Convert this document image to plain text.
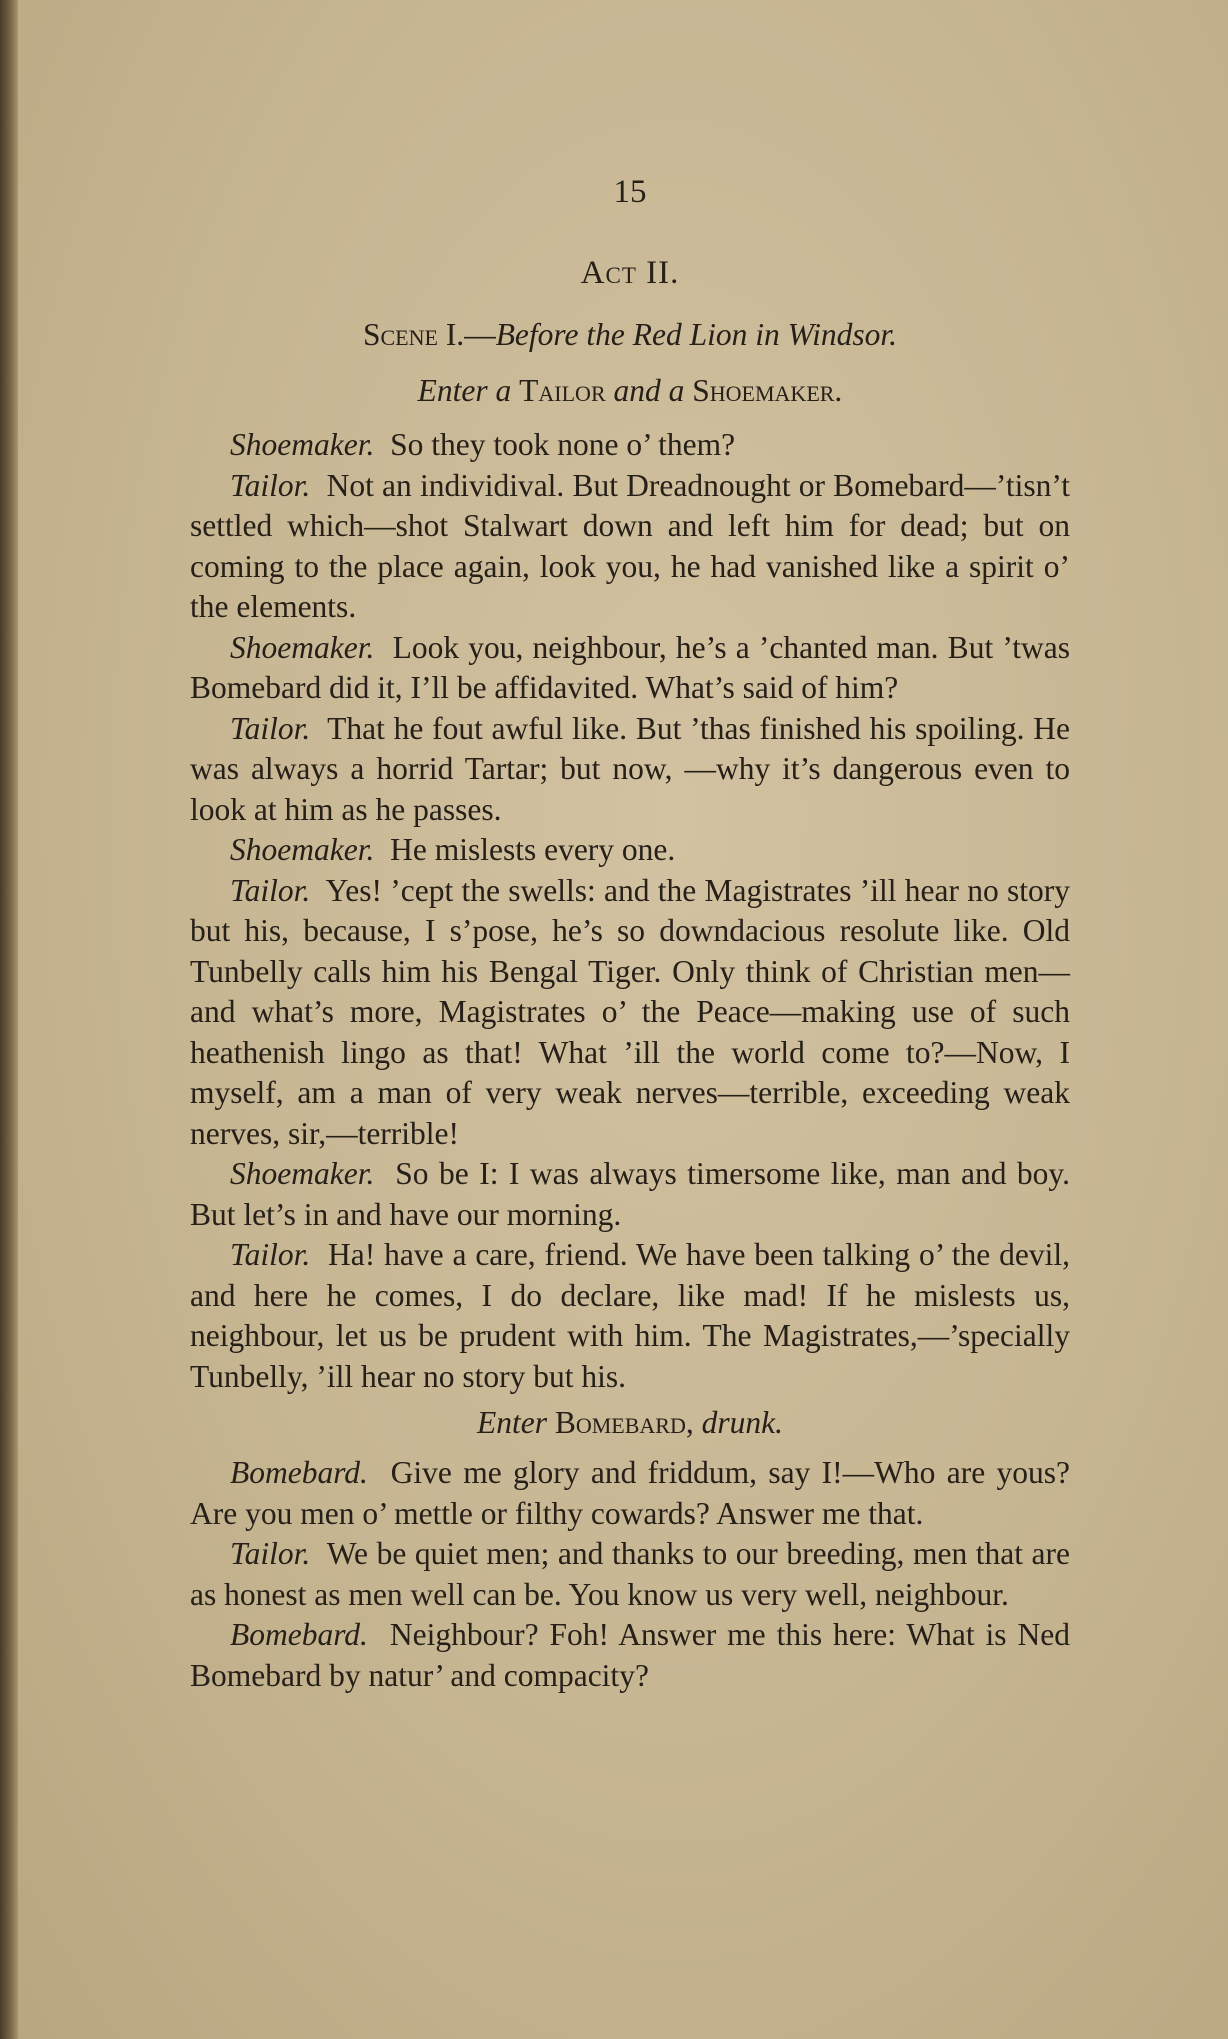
15
Act II.
Scene I.—Before the Red Lion in Windsor.
Enter a Tailor and a Shoemaker.

Shoemaker. So they took none o’ them?

Tailor. Not an individival. But Dreadnought or Bomebard—’tisn’t settled which—shot Stalwart down and left him for dead; but on coming to the place again, look you, he had vanished like a spirit o’ the elements.

Shoemaker. Look you, neighbour, he’s a ’chanted man. But ’twas Bomebard did it, I’ll be affidavited. What’s said of him?

Tailor. That he fout awful like. But ’thas finished his spoiling. He was always a horrid Tartar; but now, —why it’s dangerous even to look at him as he passes.

Shoemaker. He mislests every one.

Tailor. Yes! ’cept the swells: and the Magistrates ’ill hear no story but his, because, I s’pose, he’s so downdacious resolute like. Old Tunbelly calls him his Bengal Tiger. Only think of Christian men—and what’s more, Magistrates o’ the Peace—making use of such heathenish lingo as that! What ’ill the world come to?—Now, I myself, am a man of very weak nerves—terrible, exceeding weak nerves, sir,—terrible!

Shoemaker. So be I: I was always timersome like, man and boy. But let’s in and have our morning.

Tailor. Ha! have a care, friend. We have been talking o’ the devil, and here he comes, I do declare, like mad! If he mislests us, neighbour, let us be prudent with him. The Magistrates,—’specially Tunbelly, ’ill hear no story but his.

Enter Bomebard, drunk.

Bomebard. Give me glory and friddum, say I!—Who are yous? Are you men o’ mettle or filthy cowards? Answer me that.

Tailor. We be quiet men; and thanks to our breeding, men that are as honest as men well can be. You know us very well, neighbour.

Bomebard. Neighbour? Foh! Answer me this here: What is Ned Bomebard by natur’ and compacity?
